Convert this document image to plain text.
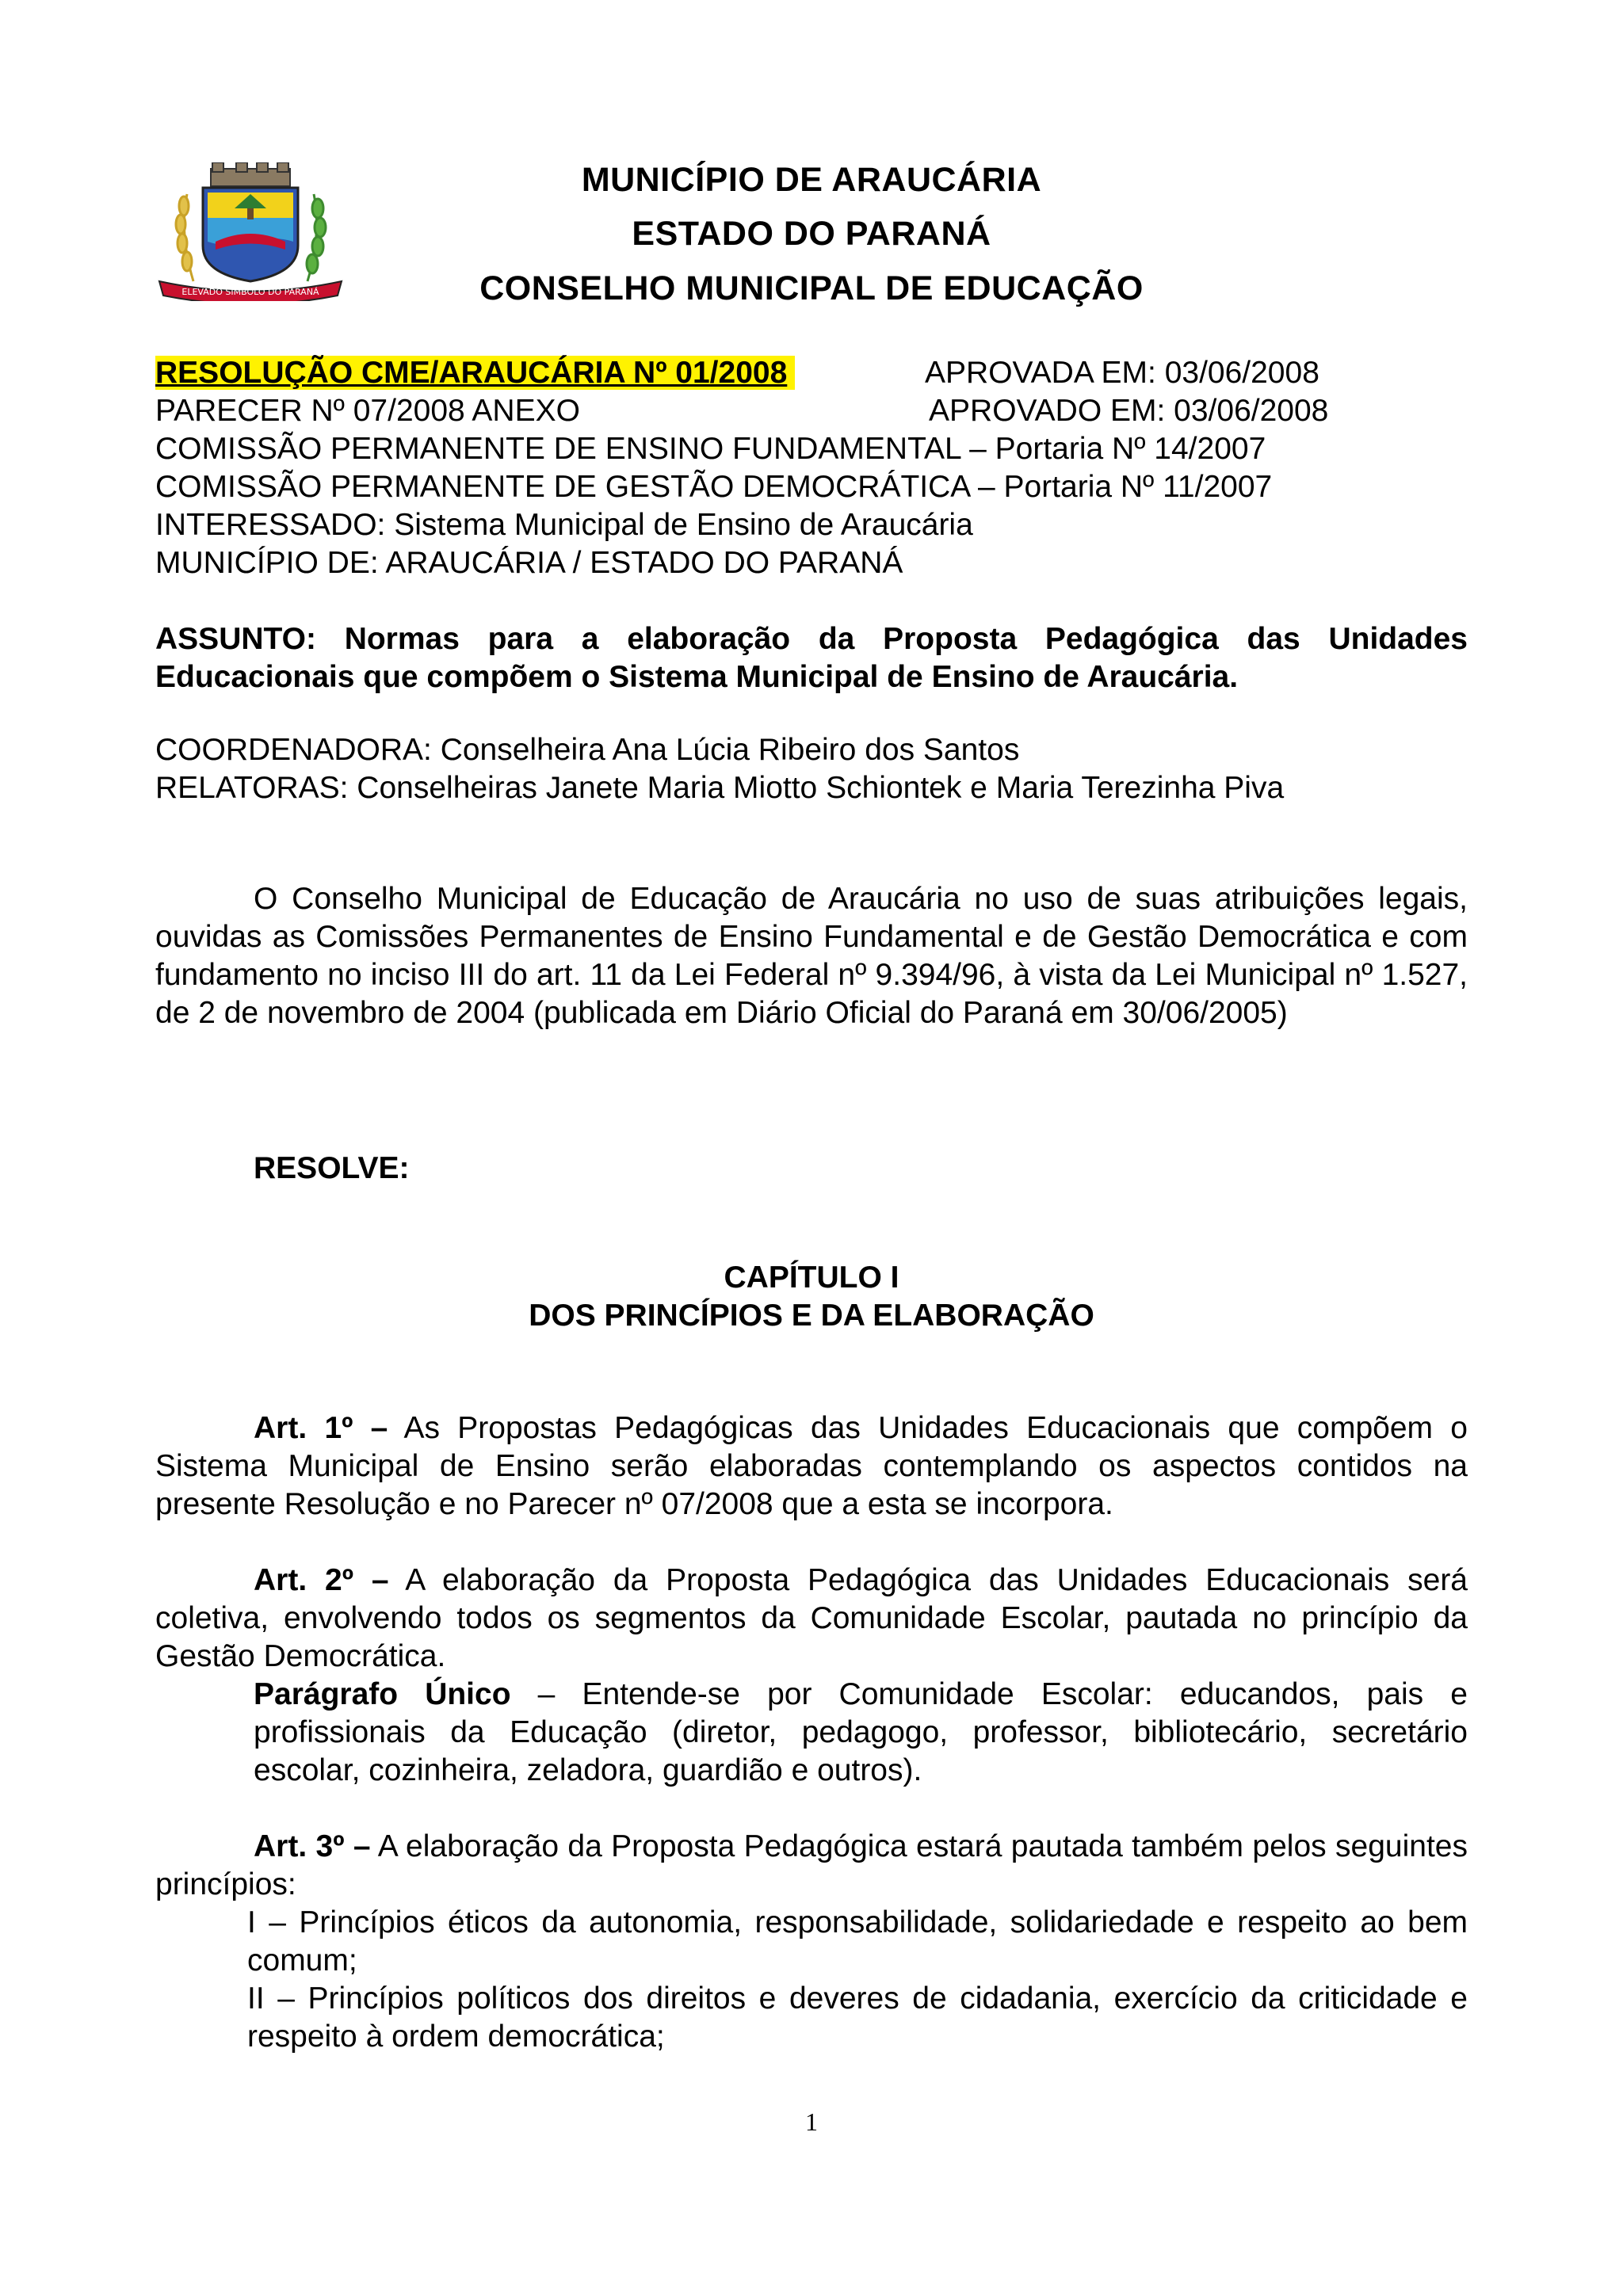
ELEVADO SIMBOLO DO PARANÁ
MUNICÍPIO DE ARAUCÁRIA
ESTADO DO PARANÁ
CONSELHO MUNICIPAL DE EDUCAÇÃO
RESOLUÇÃO CME/ARAUCÁRIA Nº 01/2008	APROVADA EM: 03/06/2008
PARECER Nº 07/2008 ANEXO	APROVADO EM: 03/06/2008
COMISSÃO PERMANENTE DE ENSINO FUNDAMENTAL – Portaria Nº 14/2007
COMISSÃO PERMANENTE DE GESTÃO DEMOCRÁTICA – Portaria Nº 11/2007
INTERESSADO: Sistema Municipal de Ensino de Araucária
MUNICÍPIO DE: ARAUCÁRIA / ESTADO DO PARANÁ
ASSUNTO: Normas para a elaboração da Proposta Pedagógica das Unidades Educacionais que compõem o Sistema Municipal de Ensino de Araucária.
COORDENADORA: Conselheira Ana Lúcia Ribeiro dos Santos
RELATORAS: Conselheiras Janete Maria Miotto Schiontek e Maria Terezinha Piva
O Conselho Municipal de Educação de Araucária no uso de suas atribuições legais, ouvidas as Comissões Permanentes de Ensino Fundamental e de Gestão Democrática e com fundamento no inciso III do art. 11 da Lei Federal nº 9.394/96, à vista da Lei Municipal nº 1.527, de 2 de novembro de 2004 (publicada em Diário Oficial do Paraná em 30/06/2005)
RESOLVE:
CAPÍTULO I
DOS PRINCÍPIOS E DA ELABORAÇÃO
Art. 1º – As Propostas Pedagógicas das Unidades Educacionais que compõem o Sistema Municipal de Ensino serão elaboradas contemplando os aspectos contidos na presente Resolução e no Parecer nº 07/2008 que a esta se incorpora.
Art. 2º – A elaboração da Proposta Pedagógica das Unidades Educacionais será coletiva, envolvendo todos os segmentos da Comunidade Escolar, pautada no princípio da Gestão Democrática.
Parágrafo Único – Entende-se por Comunidade Escolar: educandos, pais e profissionais da Educação (diretor, pedagogo, professor, bibliotecário, secretário escolar, cozinheira, zeladora, guardião e outros).
Art. 3º – A elaboração da Proposta Pedagógica estará pautada também pelos seguintes princípios:
I – Princípios éticos da autonomia, responsabilidade, solidariedade e respeito ao bem comum;
II – Princípios políticos dos direitos e deveres de cidadania, exercício da criticidade e respeito à ordem democrática;
1
